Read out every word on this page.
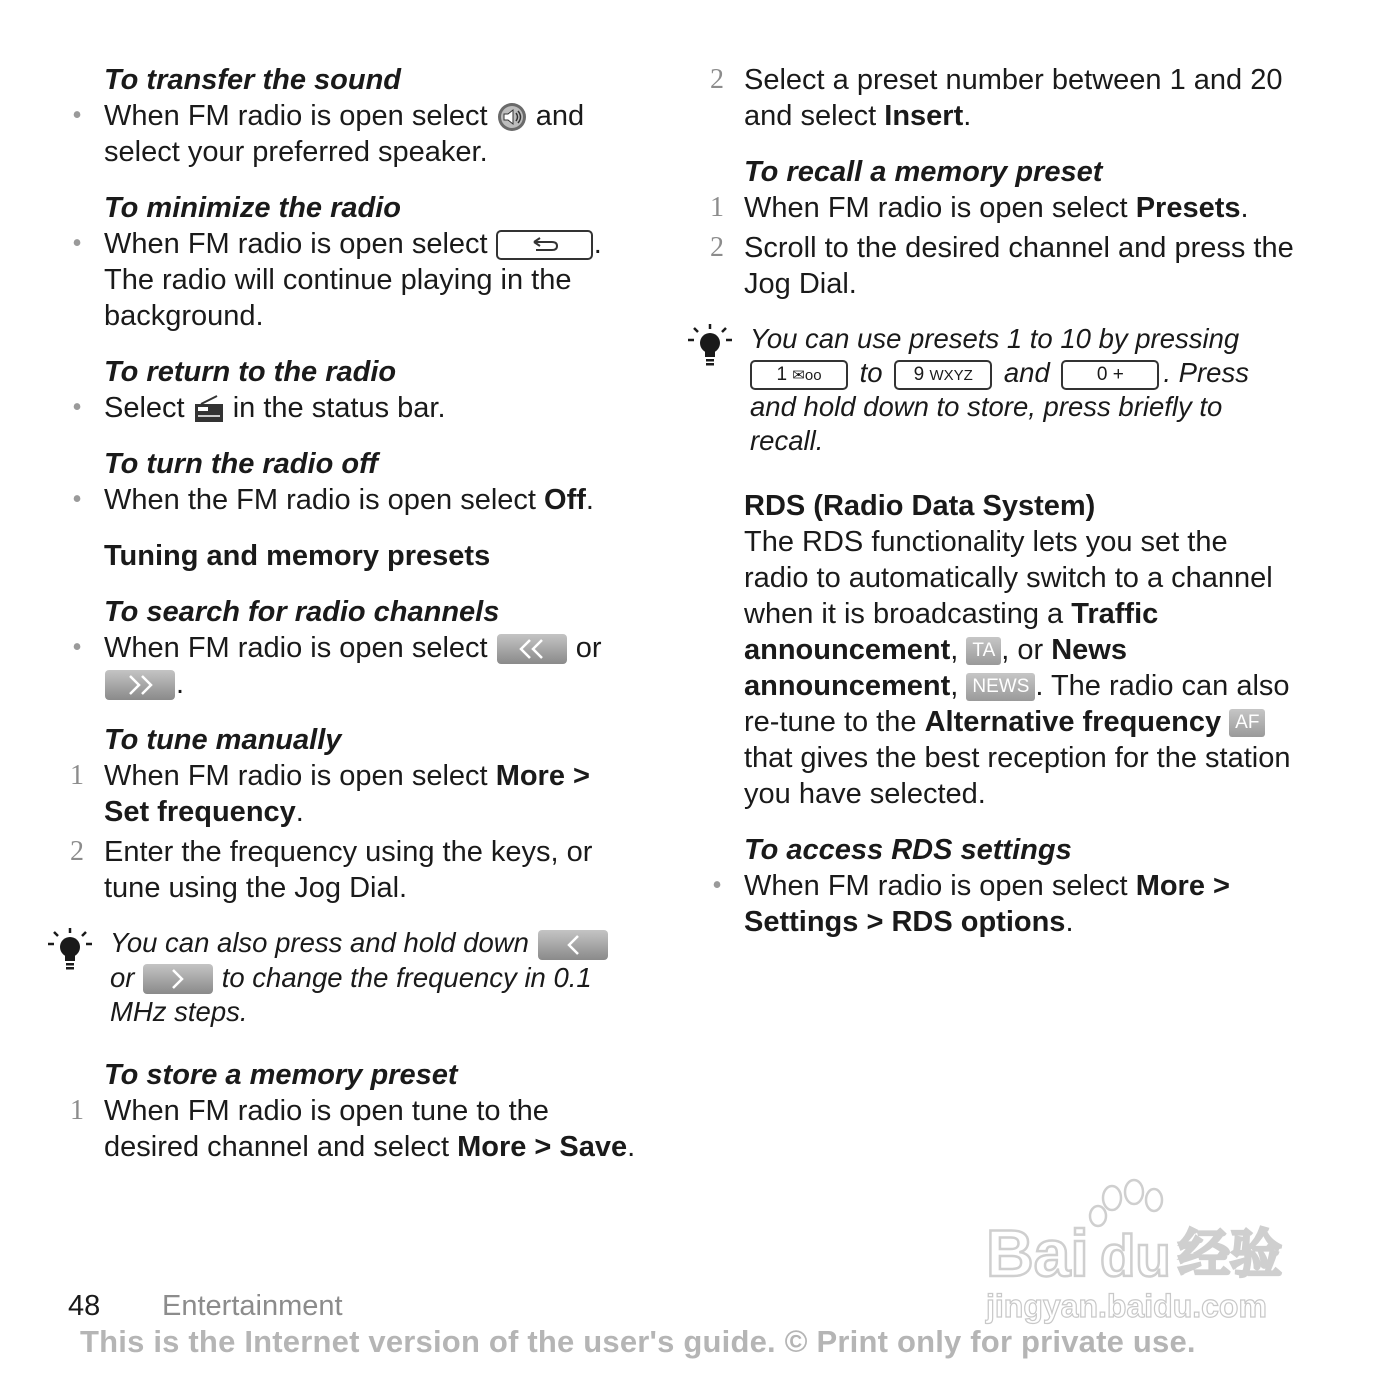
To transfer the sound
• When FM radio is open select and select your preferred speaker.
To minimize the radio
• When FM radio is open select	. The radio will continue playing in the background.
To return to the radio
• Select in the status bar.
To turn the radio off
• When the FM radio is open select Off.
Tuning and memory presets
To search for radio channels
• When FM radio is open select	or
.
To tune manually
1 When FM radio is open select More > Set frequency.
2 Enter the frequency using the keys, or tune using the Jog Dial.
You can also press and hold down  or	to change the frequency in 0.1 MHz steps.
To store a memory preset
1 When FM radio is open tune to the desired channel and select More > Save.
2 Select a preset number between 1 and 20 and select Insert.
To recall a memory preset
1 When FM radio is open select Presets.
2 Scroll to the desired channel and press the Jog Dial.
You can use presets 1 to 10 by pressing
1 ✉oo to 9 WXYZ and 0 + . Press and hold down to store, press briefly to recall.
RDS (Radio Data System)
The RDS functionality lets you set the radio to automatically switch to a channel when it is broadcasting a Traffic announcement, TA , or News announcement, NEWS . The radio can also re-tune to the Alternative frequency AF that gives the best reception for the station you have selected.
To access RDS settings
• When FM radio is open select More > Settings > RDS options.
Bai du 经验
jingyan.baidu.com
48 Entertainment
This is the Internet version of the user's guide. © Print only for private use.
